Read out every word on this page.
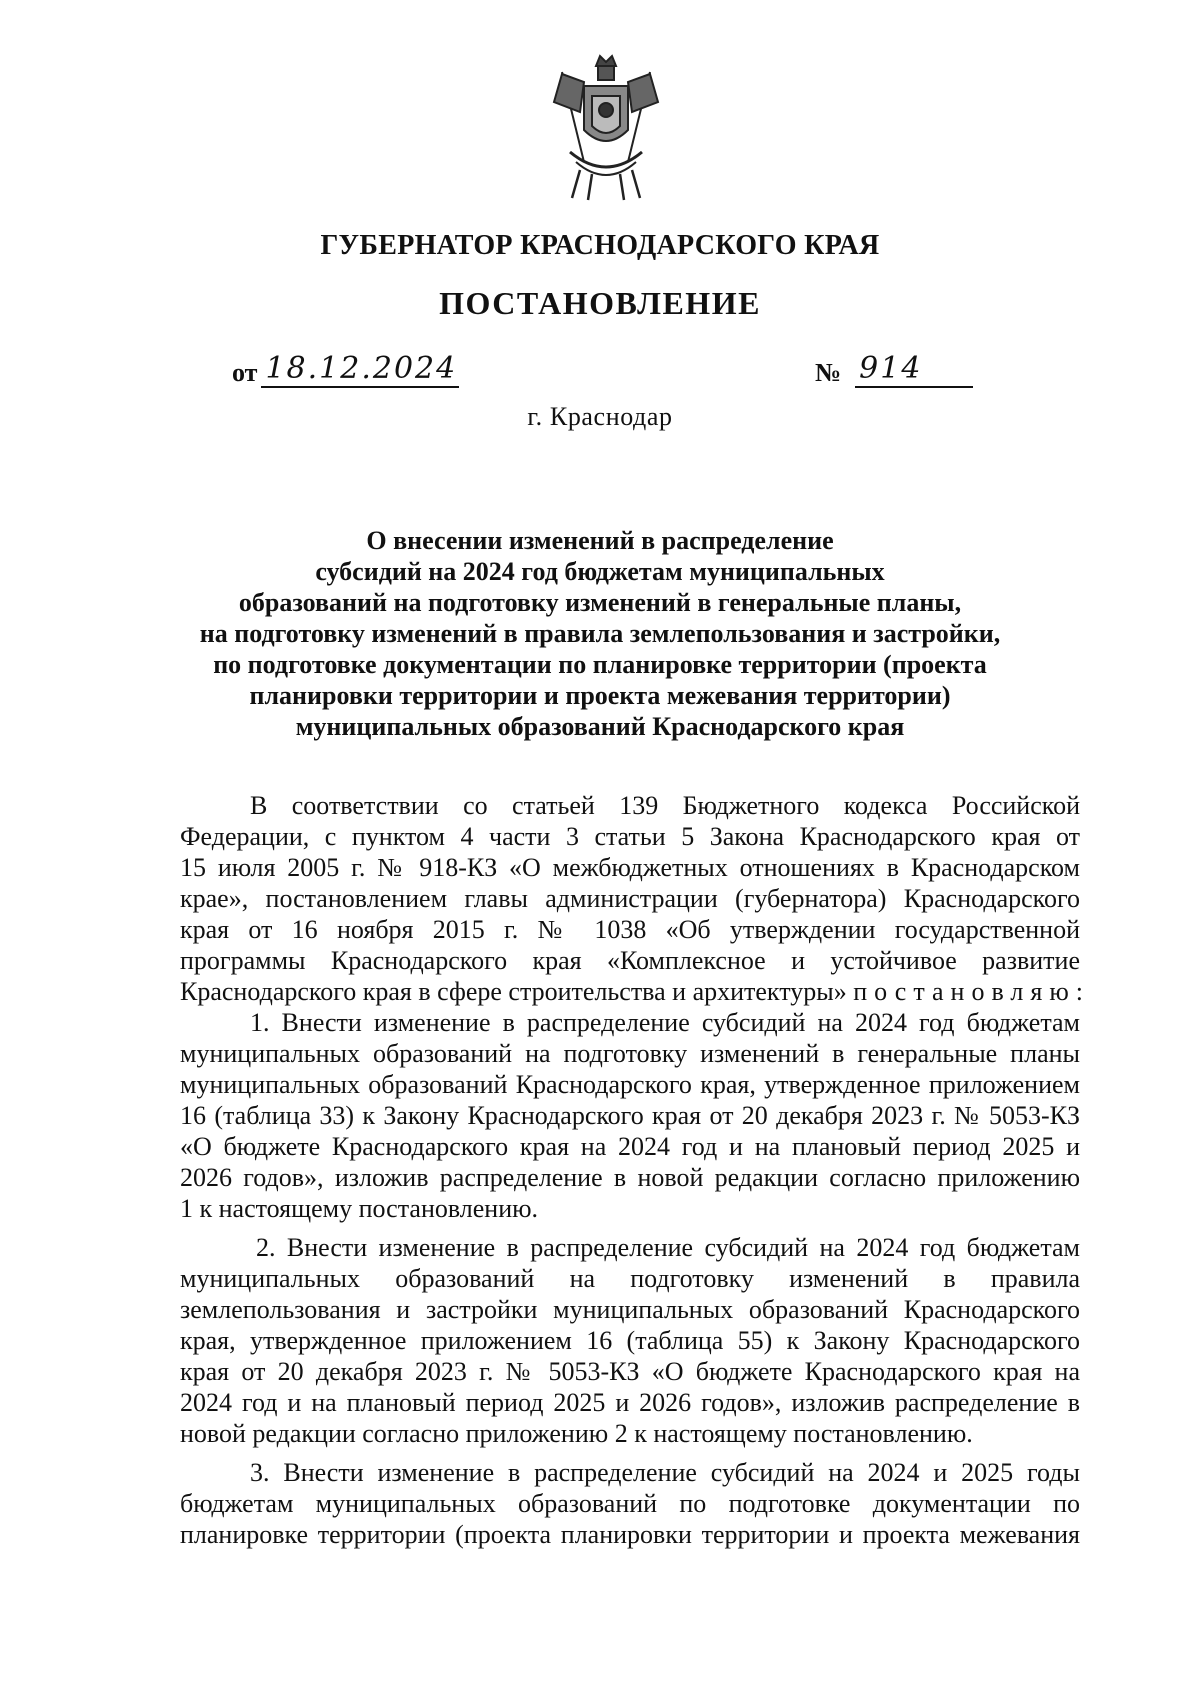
ГУБЕРНАТОР КРАСНОДАРСКОГО КРАЯ
ПОСТАНОВЛЕНИЕ
от 18.12.2024	№ 914
г. Краснодар
О внесении изменений в распределение
субсидий на 2024 год бюджетам муниципальных
образований на подготовку изменений в генеральные планы,
на подготовку изменений в правила землепользования и застройки,
по подготовке документации по планировке территории (проекта
планировки территории и проекта межевания территории)
муниципальных образований Краснодарского края
В соответствии со статьей 139 Бюджетного кодекса Российской
Федерации, с пунктом 4 части 3 статьи 5 Закона Краснодарского края от
15 июля 2005 г. № 918-КЗ «О межбюджетных отношениях в Краснодарском
крае», постановлением главы администрации (губернатора) Краснодарского
края от 16 ноября 2015 г. № 1038 «Об утверждении государственной
программы Краснодарского края «Комплексное и устойчивое развитие
Краснодарского края в сфере строительства и архитектуры» постановляю:
1. Внести изменение в распределение субсидий на 2024 год бюджетам
муниципальных образований на подготовку изменений в генеральные планы
муниципальных образований Краснодарского края, утвержденное приложением
16 (таблица 33) к Закону Краснодарского края от 20 декабря 2023 г. № 5053-КЗ
«О бюджете Краснодарского края на 2024 год и на плановый период 2025 и
2026 годов», изложив распределение в новой редакции согласно приложению
1 к настоящему постановлению.
2. Внести изменение в распределение субсидий на 2024 год бюджетам
муниципальных образований на подготовку изменений в правила
землепользования и застройки муниципальных образований Краснодарского
края, утвержденное приложением 16 (таблица 55) к Закону Краснодарского
края от 20 декабря 2023 г. № 5053-КЗ «О бюджете Краснодарского края на
2024 год и на плановый период 2025 и 2026 годов», изложив распределение в
новой редакции согласно приложению 2 к настоящему постановлению.
3. Внести изменение в распределение субсидий на 2024 и 2025 годы
бюджетам муниципальных образований по подготовке документации по
планировке территории (проекта планировки территории и проекта межевания
